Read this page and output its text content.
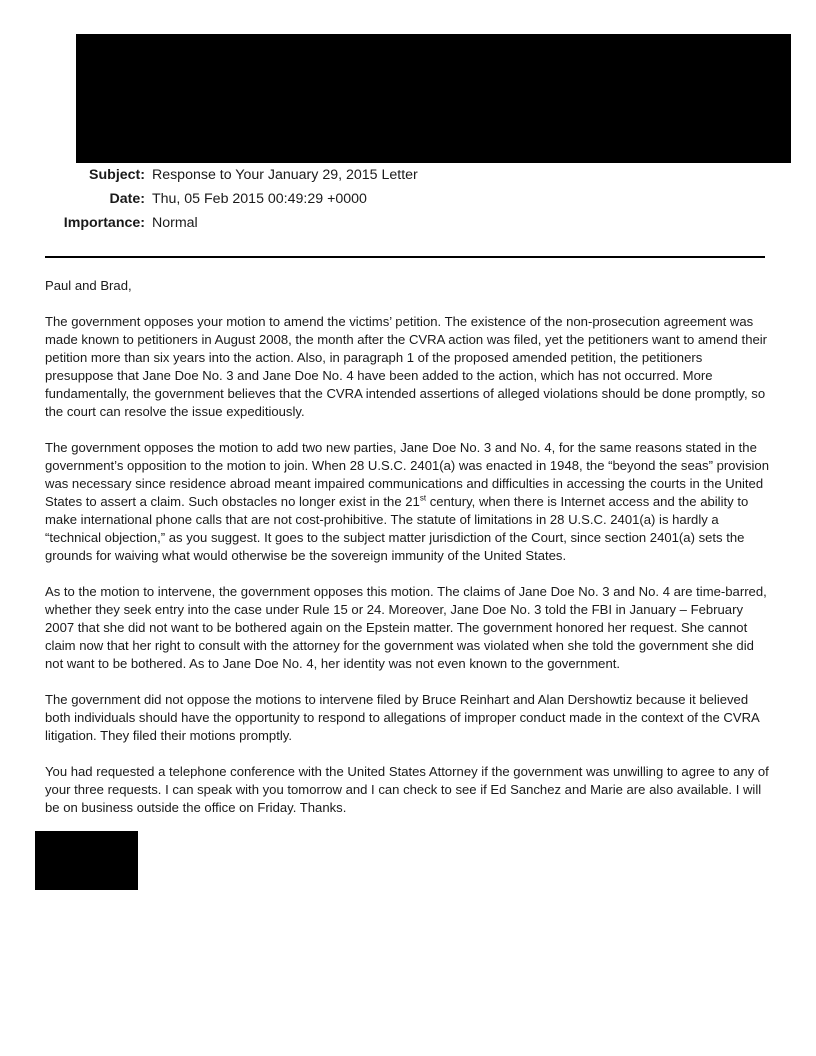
Subject: Response to Your January 29, 2015 Letter
Date: Thu, 05 Feb 2015 00:49:29 +0000
Importance: Normal

Paul and Brad,

The government opposes your motion to amend the victims’ petition. The existence of the non-prosecution agreement was made known to petitioners in August 2008, the month after the CVRA action was filed, yet the petitioners want to amend their petition more than six years into the action. Also, in paragraph 1 of the proposed amended petition, the petitioners presuppose that Jane Doe No. 3 and Jane Doe No. 4 have been added to the action, which has not occurred. More fundamentally, the government believes that the CVRA intended assertions of alleged violations should be done promptly, so the court can resolve the issue expeditiously.

The government opposes the motion to add two new parties, Jane Doe No. 3 and No. 4, for the same reasons stated in the government’s opposition to the motion to join. When 28 U.S.C. 2401(a) was enacted in 1948, the “beyond the seas” provision was necessary since residence abroad meant impaired communications and difficulties in accessing the courts in the United States to assert a claim. Such obstacles no longer exist in the 21st century, when there is Internet access and the ability to make international phone calls that are not cost-prohibitive. The statute of limitations in 28 U.S.C. 2401(a) is hardly a “technical objection,” as you suggest. It goes to the subject matter jurisdiction of the Court, since section 2401(a) sets the grounds for waiving what would otherwise be the sovereign immunity of the United States.

As to the motion to intervene, the government opposes this motion. The claims of Jane Doe No. 3 and No. 4 are time-barred, whether they seek entry into the case under Rule 15 or 24. Moreover, Jane Doe No. 3 told the FBI in January – February 2007 that she did not want to be bothered again on the Epstein matter. The government honored her request. She cannot claim now that her right to consult with the attorney for the government was violated when she told the government she did not want to be bothered. As to Jane Doe No. 4, her identity was not even known to the government.

The government did not oppose the motions to intervene filed by Bruce Reinhart and Alan Dershowtiz because it believed both individuals should have the opportunity to respond to allegations of improper conduct made in the context of the CVRA litigation. They filed their motions promptly.

You had requested a telephone conference with the United States Attorney if the government was unwilling to agree to any of your three requests. I can speak with you tomorrow and I can check to see if Ed Sanchez and Marie are also available. I will be on business outside the office on Friday. Thanks.
